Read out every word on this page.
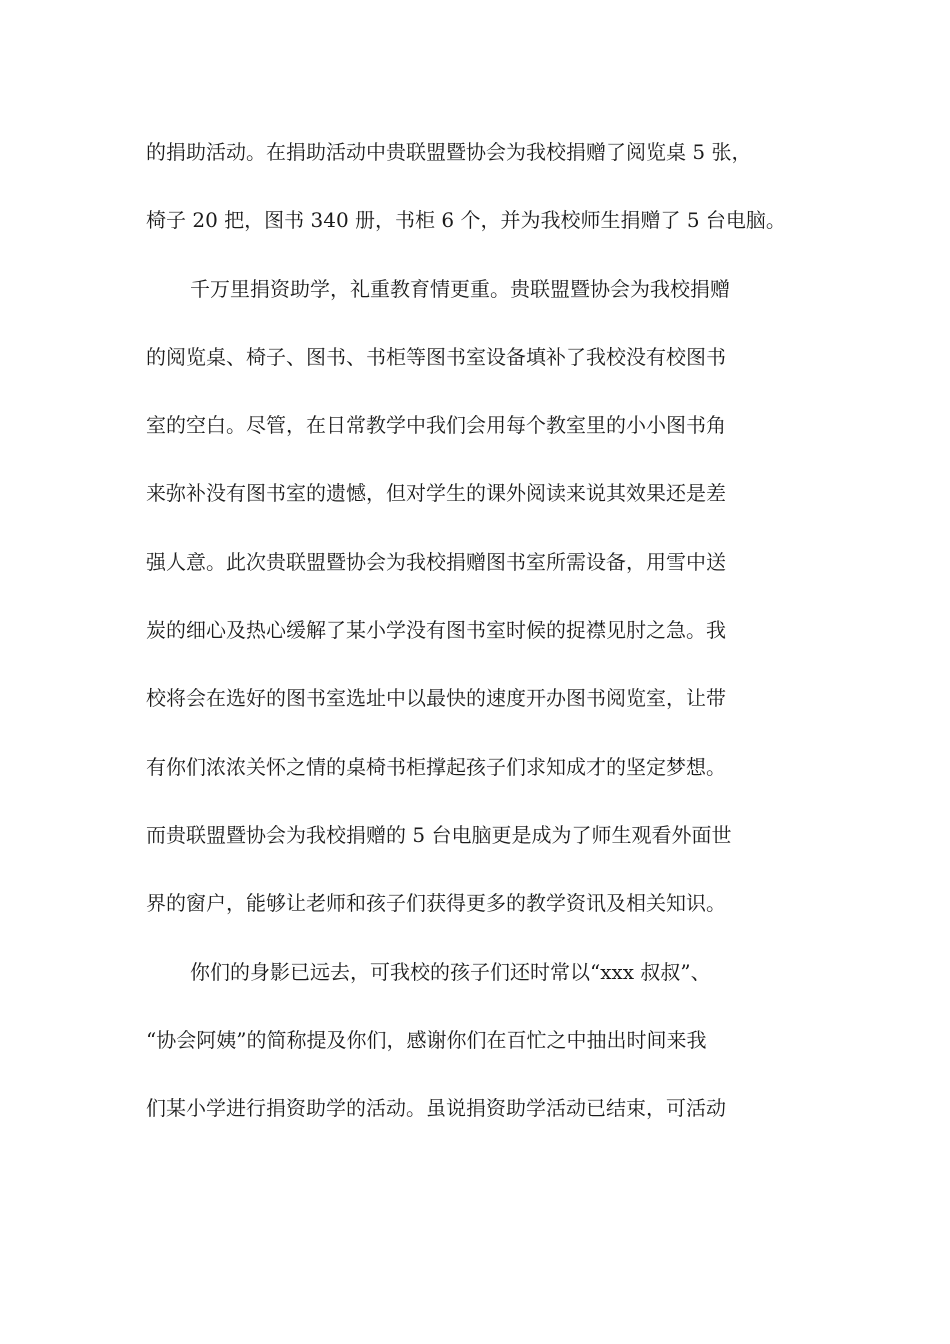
的捐助活动。在捐助活动中贵联盟暨协会为我校捐赠了阅览桌 5 张，
椅子 20 把，图书 340 册，书柜 6 个，并为我校师生捐赠了 5 台电脑。
千万里捐资助学，礼重教育情更重。贵联盟暨协会为我校捐赠
的阅览桌、椅子、图书、书柜等图书室设备填补了我校没有校图书
室的空白。尽管，在日常教学中我们会用每个教室里的小小图书角
来弥补没有图书室的遗憾，但对学生的课外阅读来说其效果还是差
强人意。此次贵联盟暨协会为我校捐赠图书室所需设备，用雪中送
炭的细心及热心缓解了某小学没有图书室时候的捉襟见肘之急。我
校将会在选好的图书室选址中以最快的速度开办图书阅览室，让带
有你们浓浓关怀之情的桌椅书柜撑起孩子们求知成才的坚定梦想。
而贵联盟暨协会为我校捐赠的 5 台电脑更是成为了师生观看外面世
界的窗户，能够让老师和孩子们获得更多的教学资讯及相关知识。
你们的身影已远去，可我校的孩子们还时常以“xxx 叔叔”、
“协会阿姨”的简称提及你们，感谢你们在百忙之中抽出时间来我
们某小学进行捐资助学的活动。虽说捐资助学活动已结束，可活动
